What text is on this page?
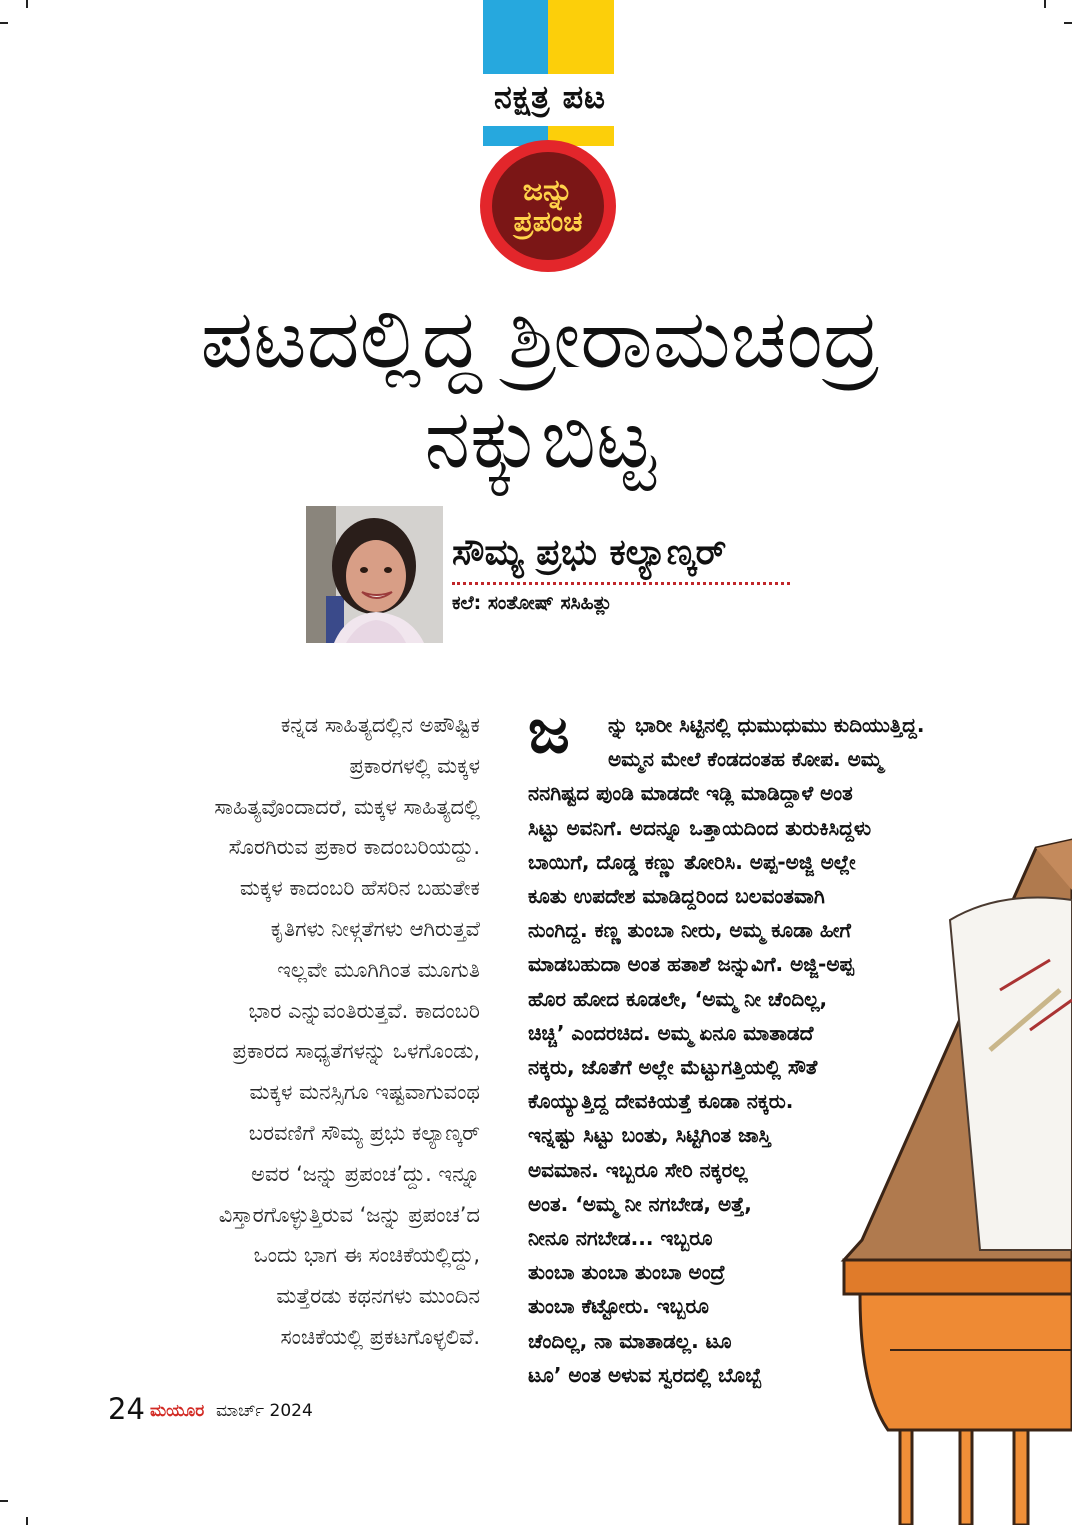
ನಕ್ಷತ್ರ ಪಟ
ಜನ್ನು
ಪ್ರಪಂಚ
ಪಟದಲ್ಲಿದ್ದ ಶ್ರೀರಾಮಚಂದ್ರ
ನಕ್ಕುಬಿಟ್ಟ
ಸೌಮ್ಯ ಪ್ರಭು ಕಲ್ಯಾಣ್ಕರ್
ಕಲೆ: ಸಂತೋಷ್ ಸಸಿಹಿತ್ಲು
ಕನ್ನಡ ಸಾಹಿತ್ಯದಲ್ಲಿನ ಅಪೌಷ್ಟಿಕ
ಪ್ರಕಾರಗಳಲ್ಲಿ ಮಕ್ಕಳ
ಸಾಹಿತ್ಯವೊಂದಾದರೆ, ಮಕ್ಕಳ ಸಾಹಿತ್ಯದಲ್ಲಿ
ಸೊರಗಿರುವ ಪ್ರಕಾರ ಕಾದಂಬರಿಯದ್ದು.
ಮಕ್ಕಳ ಕಾದಂಬರಿ ಹೆಸರಿನ ಬಹುತೇಕ
ಕೃತಿಗಳು ನೀಳ್ಗತೆಗಳು ಆಗಿರುತ್ತವೆ
ಇಲ್ಲವೇ ಮೂಗಿಗಿಂತ ಮೂಗುತಿ
ಭಾರ ಎನ್ನುವಂತಿರುತ್ತವೆ. ಕಾದಂಬರಿ
ಪ್ರಕಾರದ ಸಾಧ್ಯತೆಗಳನ್ನು ಒಳಗೊಂಡು,
ಮಕ್ಕಳ ಮನಸ್ಸಿಗೂ ಇಷ್ಟವಾಗುವಂಥ
ಬರವಣಿಗೆ ಸೌಮ್ಯ ಪ್ರಭು ಕಲ್ಯಾಣ್ಕರ್
ಅವರ ‘ಜನ್ನು ಪ್ರಪಂಚ’ದ್ದು. ಇನ್ನೂ
ವಿಸ್ತಾರಗೊಳ್ಳುತ್ತಿರುವ ‘ಜನ್ನು ಪ್ರಪಂಚ’ದ
ಒಂದು ಭಾಗ ಈ ಸಂಚಿಕೆಯಲ್ಲಿದ್ದು,
ಮತ್ತೆರಡು ಕಥನಗಳು ಮುಂದಿನ
ಸಂಚಿಕೆಯಲ್ಲಿ ಪ್ರಕಟಗೊಳ್ಳಲಿವೆ.
ಜ	ನ್ನು ಭಾರೀ ಸಿಟ್ಟಿನಲ್ಲಿ ಧುಮುಧುಮು ಕುದಿಯುತ್ತಿದ್ದ.
ಅಮ್ಮನ ಮೇಲೆ ಕೆಂಡದಂತಹ ಕೋಪ. ಅಮ್ಮ
ನನಗಿಷ್ಟದ ಪುಂಡಿ ಮಾಡದೇ ಇಡ್ಲಿ ಮಾಡಿದ್ದಾಳೆ ಅಂತ
ಸಿಟ್ಟು ಅವನಿಗೆ. ಅದನ್ನೂ ಒತ್ತಾಯದಿಂದ ತುರುಕಿಸಿದ್ದಳು
ಬಾಯಿಗೆ, ದೊಡ್ಡ ಕಣ್ಣು ತೋರಿಸಿ. ಅಪ್ಪ-ಅಜ್ಜಿ ಅಲ್ಲೇ
ಕೂತು ಉಪದೇಶ ಮಾಡಿದ್ದರಿಂದ ಬಲವಂತವಾಗಿ
ನುಂಗಿದ್ದ. ಕಣ್ಣ ತುಂಬಾ ನೀರು, ಅಮ್ಮ ಕೂಡಾ ಹೀಗೆ
ಮಾಡಬಹುದಾ ಅಂತ ಹತಾಶೆ ಜನ್ನುವಿಗೆ. ಅಜ್ಜಿ-ಅಪ್ಪ
ಹೊರ ಹೋದ ಕೂಡಲೇ, ‘ಅಮ್ಮ ನೀ ಚೆಂದಿಲ್ಲ,
ಚಿಚ್ಚಿ’ ಎಂದರಚಿದ. ಅಮ್ಮ ಏನೂ ಮಾತಾಡದೆ
ನಕ್ಕರು, ಜೊತೆಗೆ ಅಲ್ಲೇ ಮೆಟ್ಟುಗತ್ತಿಯಲ್ಲಿ ಸೌತೆ
ಕೊಯ್ಯುತ್ತಿದ್ದ ದೇವಕಿಯತ್ತೆ ಕೂಡಾ ನಕ್ಕರು.
ಇನ್ನಷ್ಟು ಸಿಟ್ಟು ಬಂತು, ಸಿಟ್ಟಿಗಿಂತ ಜಾಸ್ತಿ
ಅವಮಾನ. ಇಬ್ಬರೂ ಸೇರಿ ನಕ್ಕರಲ್ಲ
ಅಂತ. ‘ಅಮ್ಮ ನೀ ನಗಬೇಡ, ಅತ್ತೆ,
ನೀನೂ ನಗಬೇಡ... ಇಬ್ಬರೂ
ತುಂಬಾ ತುಂಬಾ ತುಂಬಾ ಅಂದ್ರೆ
ತುಂಬಾ ಕೆಟ್ಟೋರು. ಇಬ್ಬರೂ
ಚೆಂದಿಲ್ಲ, ನಾ ಮಾತಾಡಲ್ಲ. ಟೂ
ಟೂ’ ಅಂತ ಅಳುವ ಸ್ವರದಲ್ಲಿ ಬೊಬ್ಬೆ
24 ಮಯೂರ ಮಾರ್ಚ್ 2024
